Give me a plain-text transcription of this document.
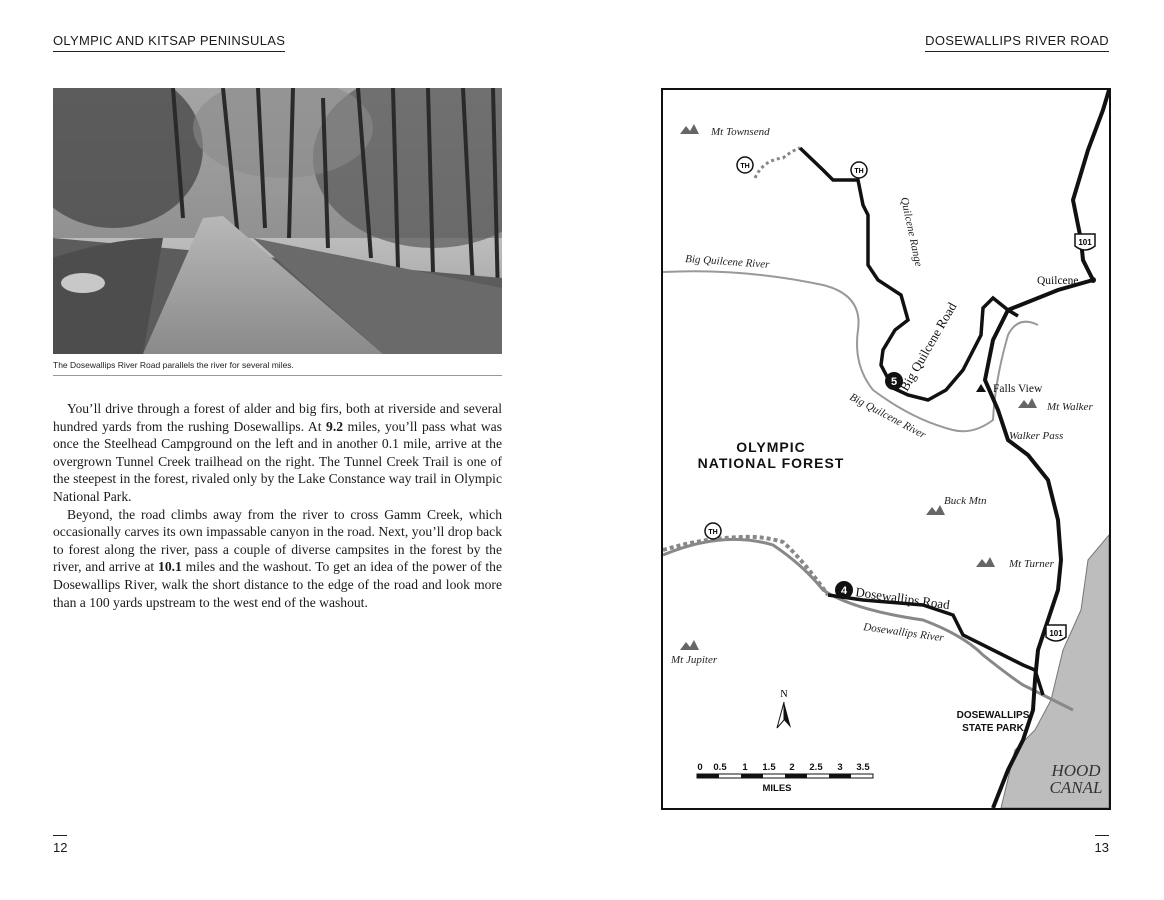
OLYMPIC AND KITSAP PENINSULAS	DOSEWALLIPS RIVER ROAD
The Dosewallips River Road parallels the river for several miles.

You’ll drive through a forest of alder and big firs, both at riverside and several hundred yards from the rushing Dosewallips. At 9.2 miles, you’ll pass what was once the Steelhead Campground on the left and in another 0.1 mile, arrive at the overgrown Tunnel Creek trailhead on the right. The Tunnel Creek Trail is one of the steepest in the forest, rivaled only by the Lake Constance way trail in Olympic National Park.

Beyond, the road climbs away from the river to cross Gamm Creek, which occasionally carves its own impassable canyon in the road. Next, you’ll drop back to forest along the river, pass a couple of diverse campsites in the forest by the river, and arrive at 10.1 miles and the washout. To get an idea of the power of the Dosewallips River, walk the short distance to the edge of the road and look more than a 100 yards upstream to the west end of the washout.

12	13
TH
TH
TH
101
101
5
4
Mt Townsend
Quilcene Range
Big Quilcene River
Big Quilcene River	Mt Walker
Walker Pass
Buck Mtn
Mt Turner
Dosewallips River
Mt Jupiter
Big Quilcene Road
Dosewallips Road
Quilcene
Falls View
OLYMPIC
NATIONAL FOREST
DOSEWALLIPS
STATE PARK
HOOD
CANAL
N
0 0.5 1 1.5 2 2.5 3 3.5
MILES
